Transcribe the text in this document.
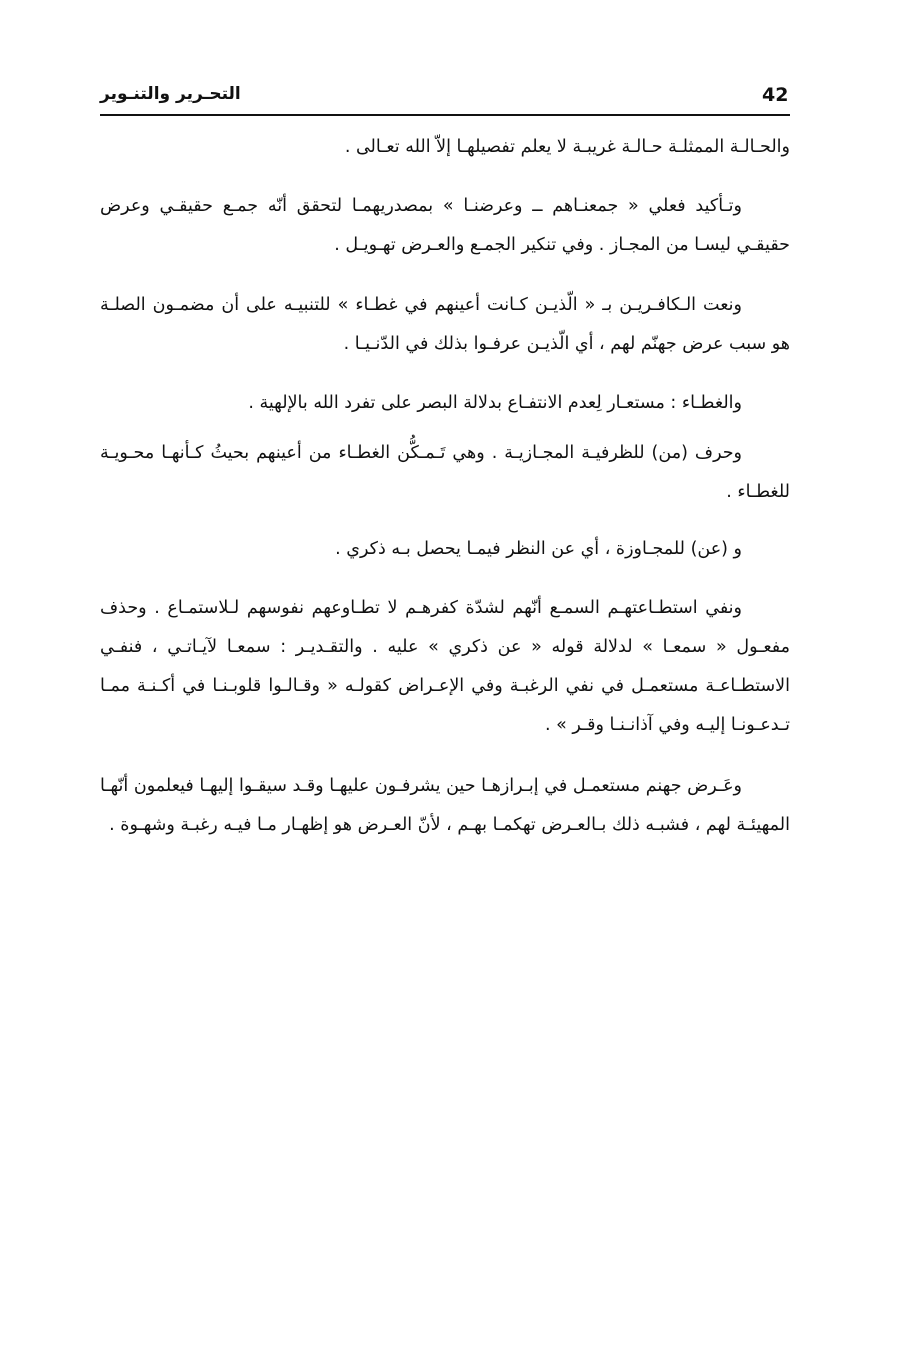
42
التحـرير والتنـوير

والحـالـة الممثلـة حـالـة غريبـة لا يعلم تفصيلهـا إلاّ الله تعـالى .

وتـأكيد فعلي « جمعنـاهم ــ وعرضنـا » بمصدريهمـا لتحقق أنّه جمـع حقيقـي وعرض حقيقـي ليسـا من المجـاز . وفي تنكير الجمـع والعـرض تهـويـل .

ونعت الـكافـريـن بـ « الّذيـن كـانت أعينهم في غطـاء » للتنبيـه على أن مضمـون الصلـة هو سبب عرض جهنّم لهم ، أي الّذيـن عرفـوا بذلك في الدّنـيـا .

والغطـاء : مستعـار لِعدم الانتفـاع بدلالة البصر على تفرد الله بالإلهية .

وحرف (من) للظرفيـة المجـازيـة . وهي تَـمـكُّن الغطـاء من أعينهم بحيثُ كـأنهـا محـويـة للغطـاء .

و (عن) للمجـاوزة ، أي عن النظر فيمـا يحصل بـه ذكري .

ونفي استطـاعتهـم السمـع أنّهم لشدّة كفرهـم لا تطـاوعهم نفوسهم لـلاستمـاع . وحذف مفعـول « سمعـا » لدلالة قوله « عن ذكري » عليه . والتقـديـر : سمعـا لآيـاتـي ، فنفـي الاستطـاعـة مستعمـل في نفي الرغبـة وفي الإعـراض كقولـه « وقـالـوا قلوبـنـا في أكـنـة ممـا تـدعـونـا إليـه وفي آذانـنـا وقـر » .

وعَـرض جهنم مستعمـل في إبـرازهـا حين يشرفـون عليهـا وقـد سيقـوا إليهـا فيعلمون أنّهـا المهيئـة لهم ، فشبـه ذلك بـالعـرض تهكمـا بهـم ، لأنّ العـرض هو إظهـار مـا فيـه رغبـة وشهـوة .
